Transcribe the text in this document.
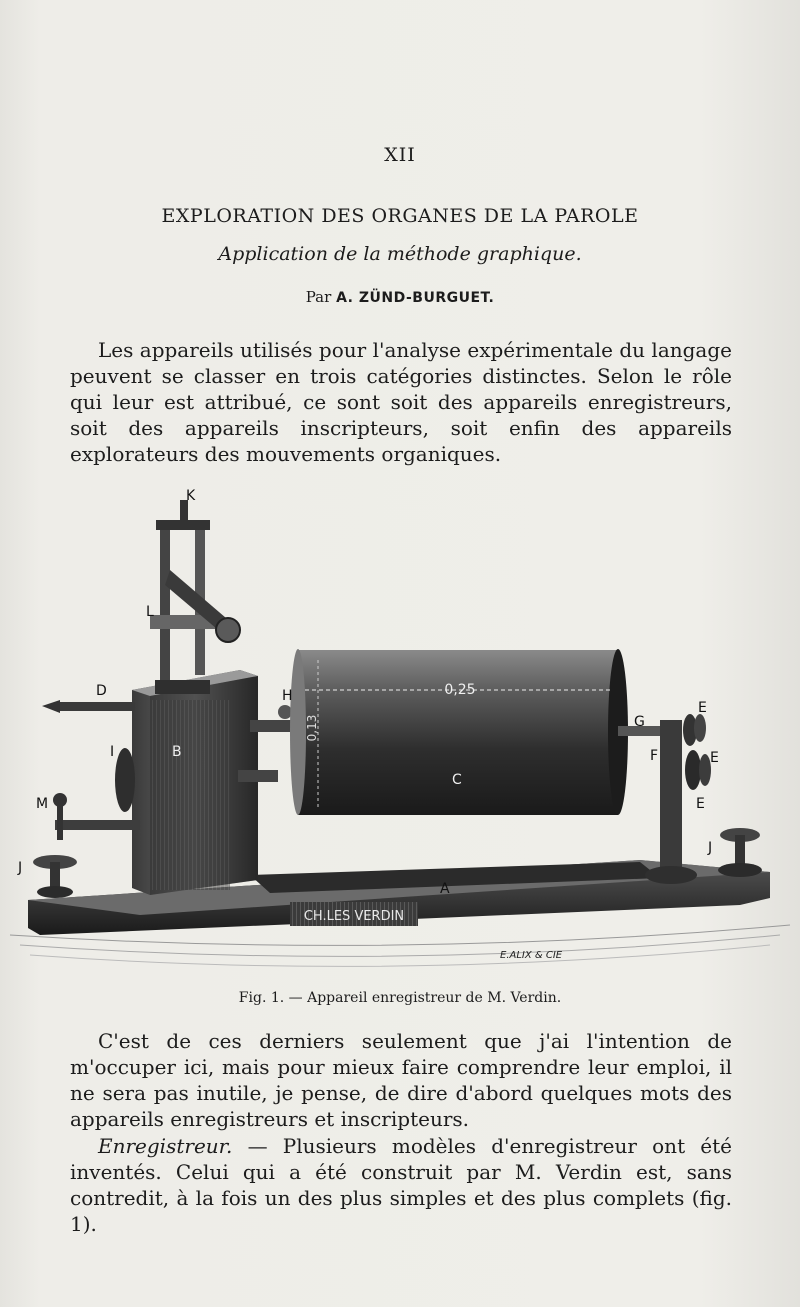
XII
EXPLORATION DES ORGANES DE LA PAROLE
Application de la méthode graphique.
Par A. ZÜND-BURGUET.
Les appareils utilisés pour l'analyse expérimentale du langage peuvent se classer en trois catégories distinctes. Selon le rôle qui leur est attribué, ce sont soit des appareils enregistreurs, soit des appareils inscripteurs, soit enfin des appareils explorateurs des mouvements organiques.
CH.LES VERDIN
0,25
0,13
K
L
D	H
B
I
M
J
J
C
G
F
E
E
E
A
E.ALIX & CIE
Fig. 1. — Appareil enregistreur de M. Verdin.
C'est de ces derniers seulement que j'ai l'intention de m'occuper ici, mais pour mieux faire comprendre leur emploi, il ne sera pas inutile, je pense, de dire d'abord quelques mots des appareils enregistreurs et inscripteurs.
Enregistreur. — Plusieurs modèles d'enregistreur ont été inventés. Celui qui a été construit par M. Verdin est, sans contredit, à la fois un des plus simples et des plus complets (fig. 1).
